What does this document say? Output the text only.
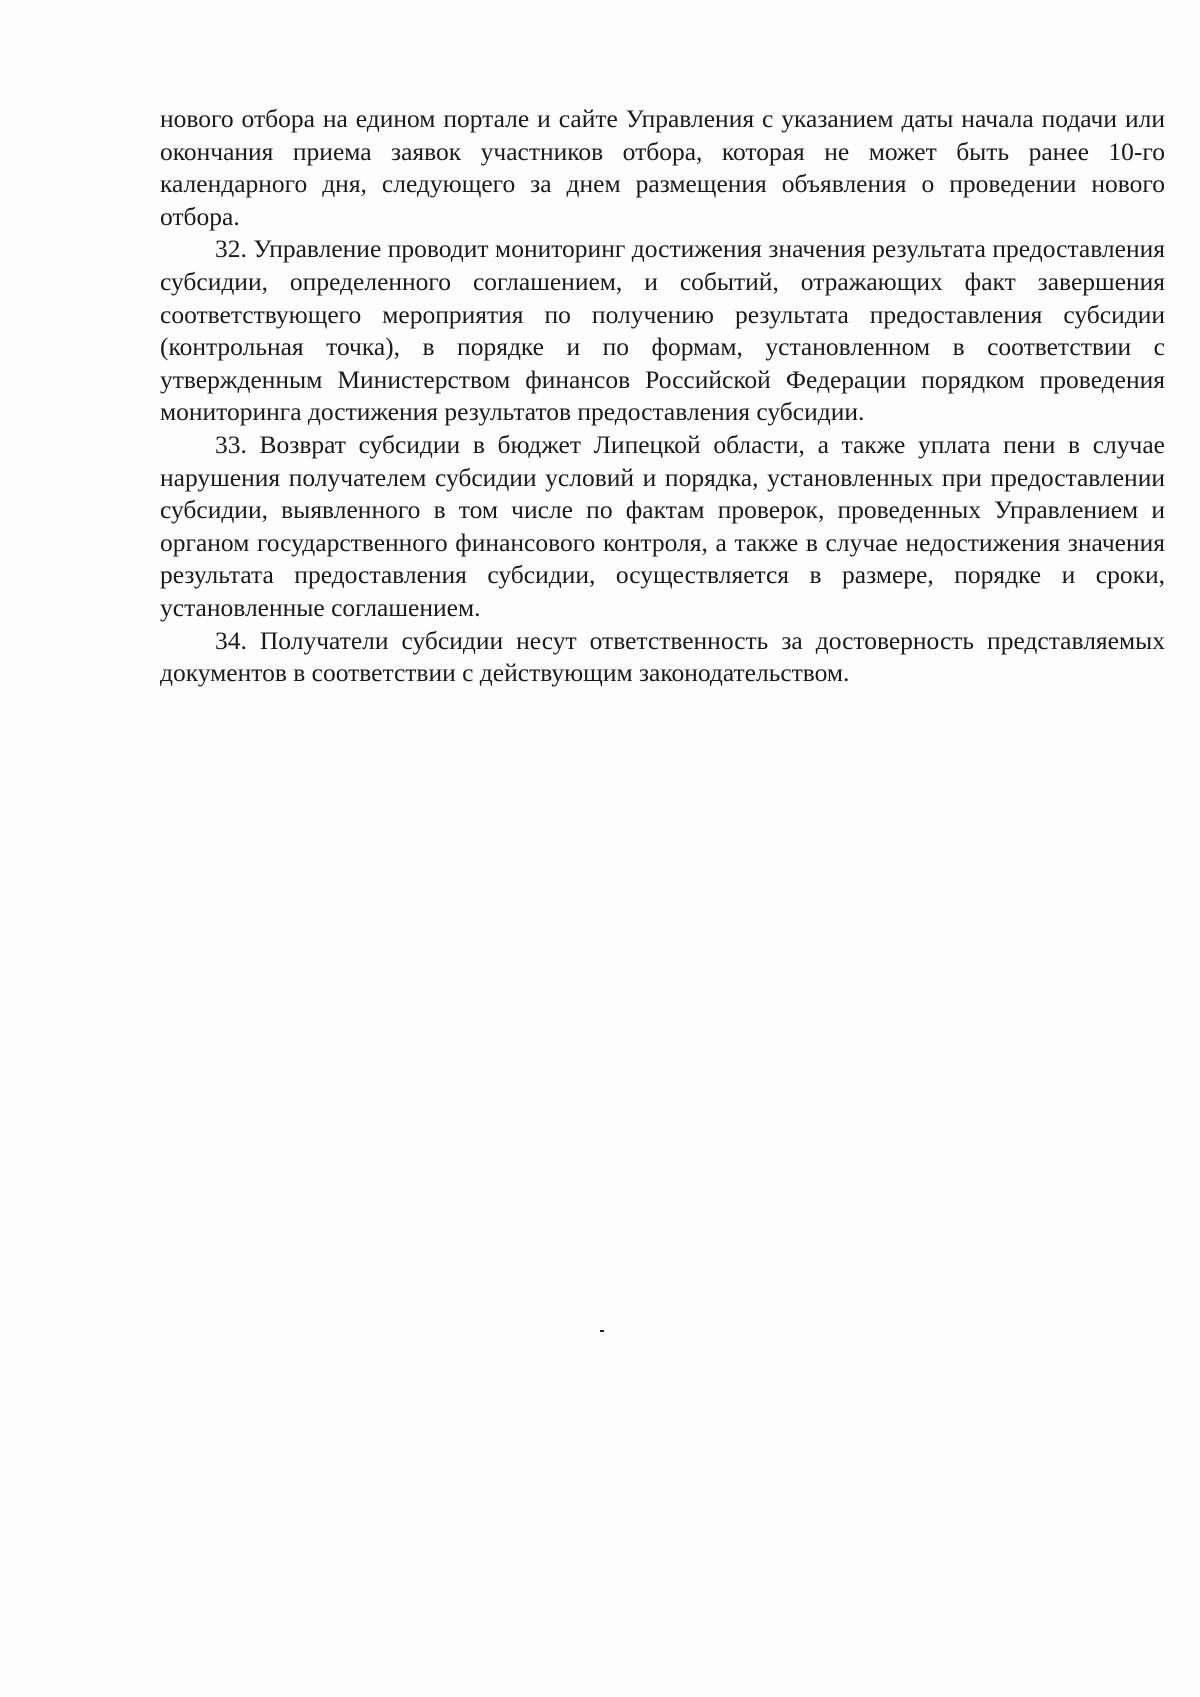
нового отбора на едином портале и сайте Управления с указанием даты начала подачи или окончания приема заявок участников отбора, которая не может быть ранее 10-го календарного дня, следующего за днем размещения объявления о проведении нового отбора.

32. Управление проводит мониторинг достижения значения результата предоставления субсидии, определенного соглашением, и событий, отражающих факт завершения соответствующего мероприятия по получению результата предоставления субсидии (контрольная точка), в порядке и по формам, установленном в соответствии с утвержденным Министерством финансов Российской Федерации порядком проведения мониторинга достижения результатов предоставления субсидии.

33. Возврат субсидии в бюджет Липецкой области, а также уплата пени в случае нарушения получателем субсидии условий и порядка, установленных при предоставлении субсидии, выявленного в том числе по фактам проверок, проведенных Управлением и органом государственного финансового контроля, а также в случае недостижения значения результата предоставления субсидии, осуществляется в размере, порядке и сроки, установленные соглашением.

34. Получатели субсидии несут ответственность за достоверность представляемых документов в соответствии с действующим законодательством.
